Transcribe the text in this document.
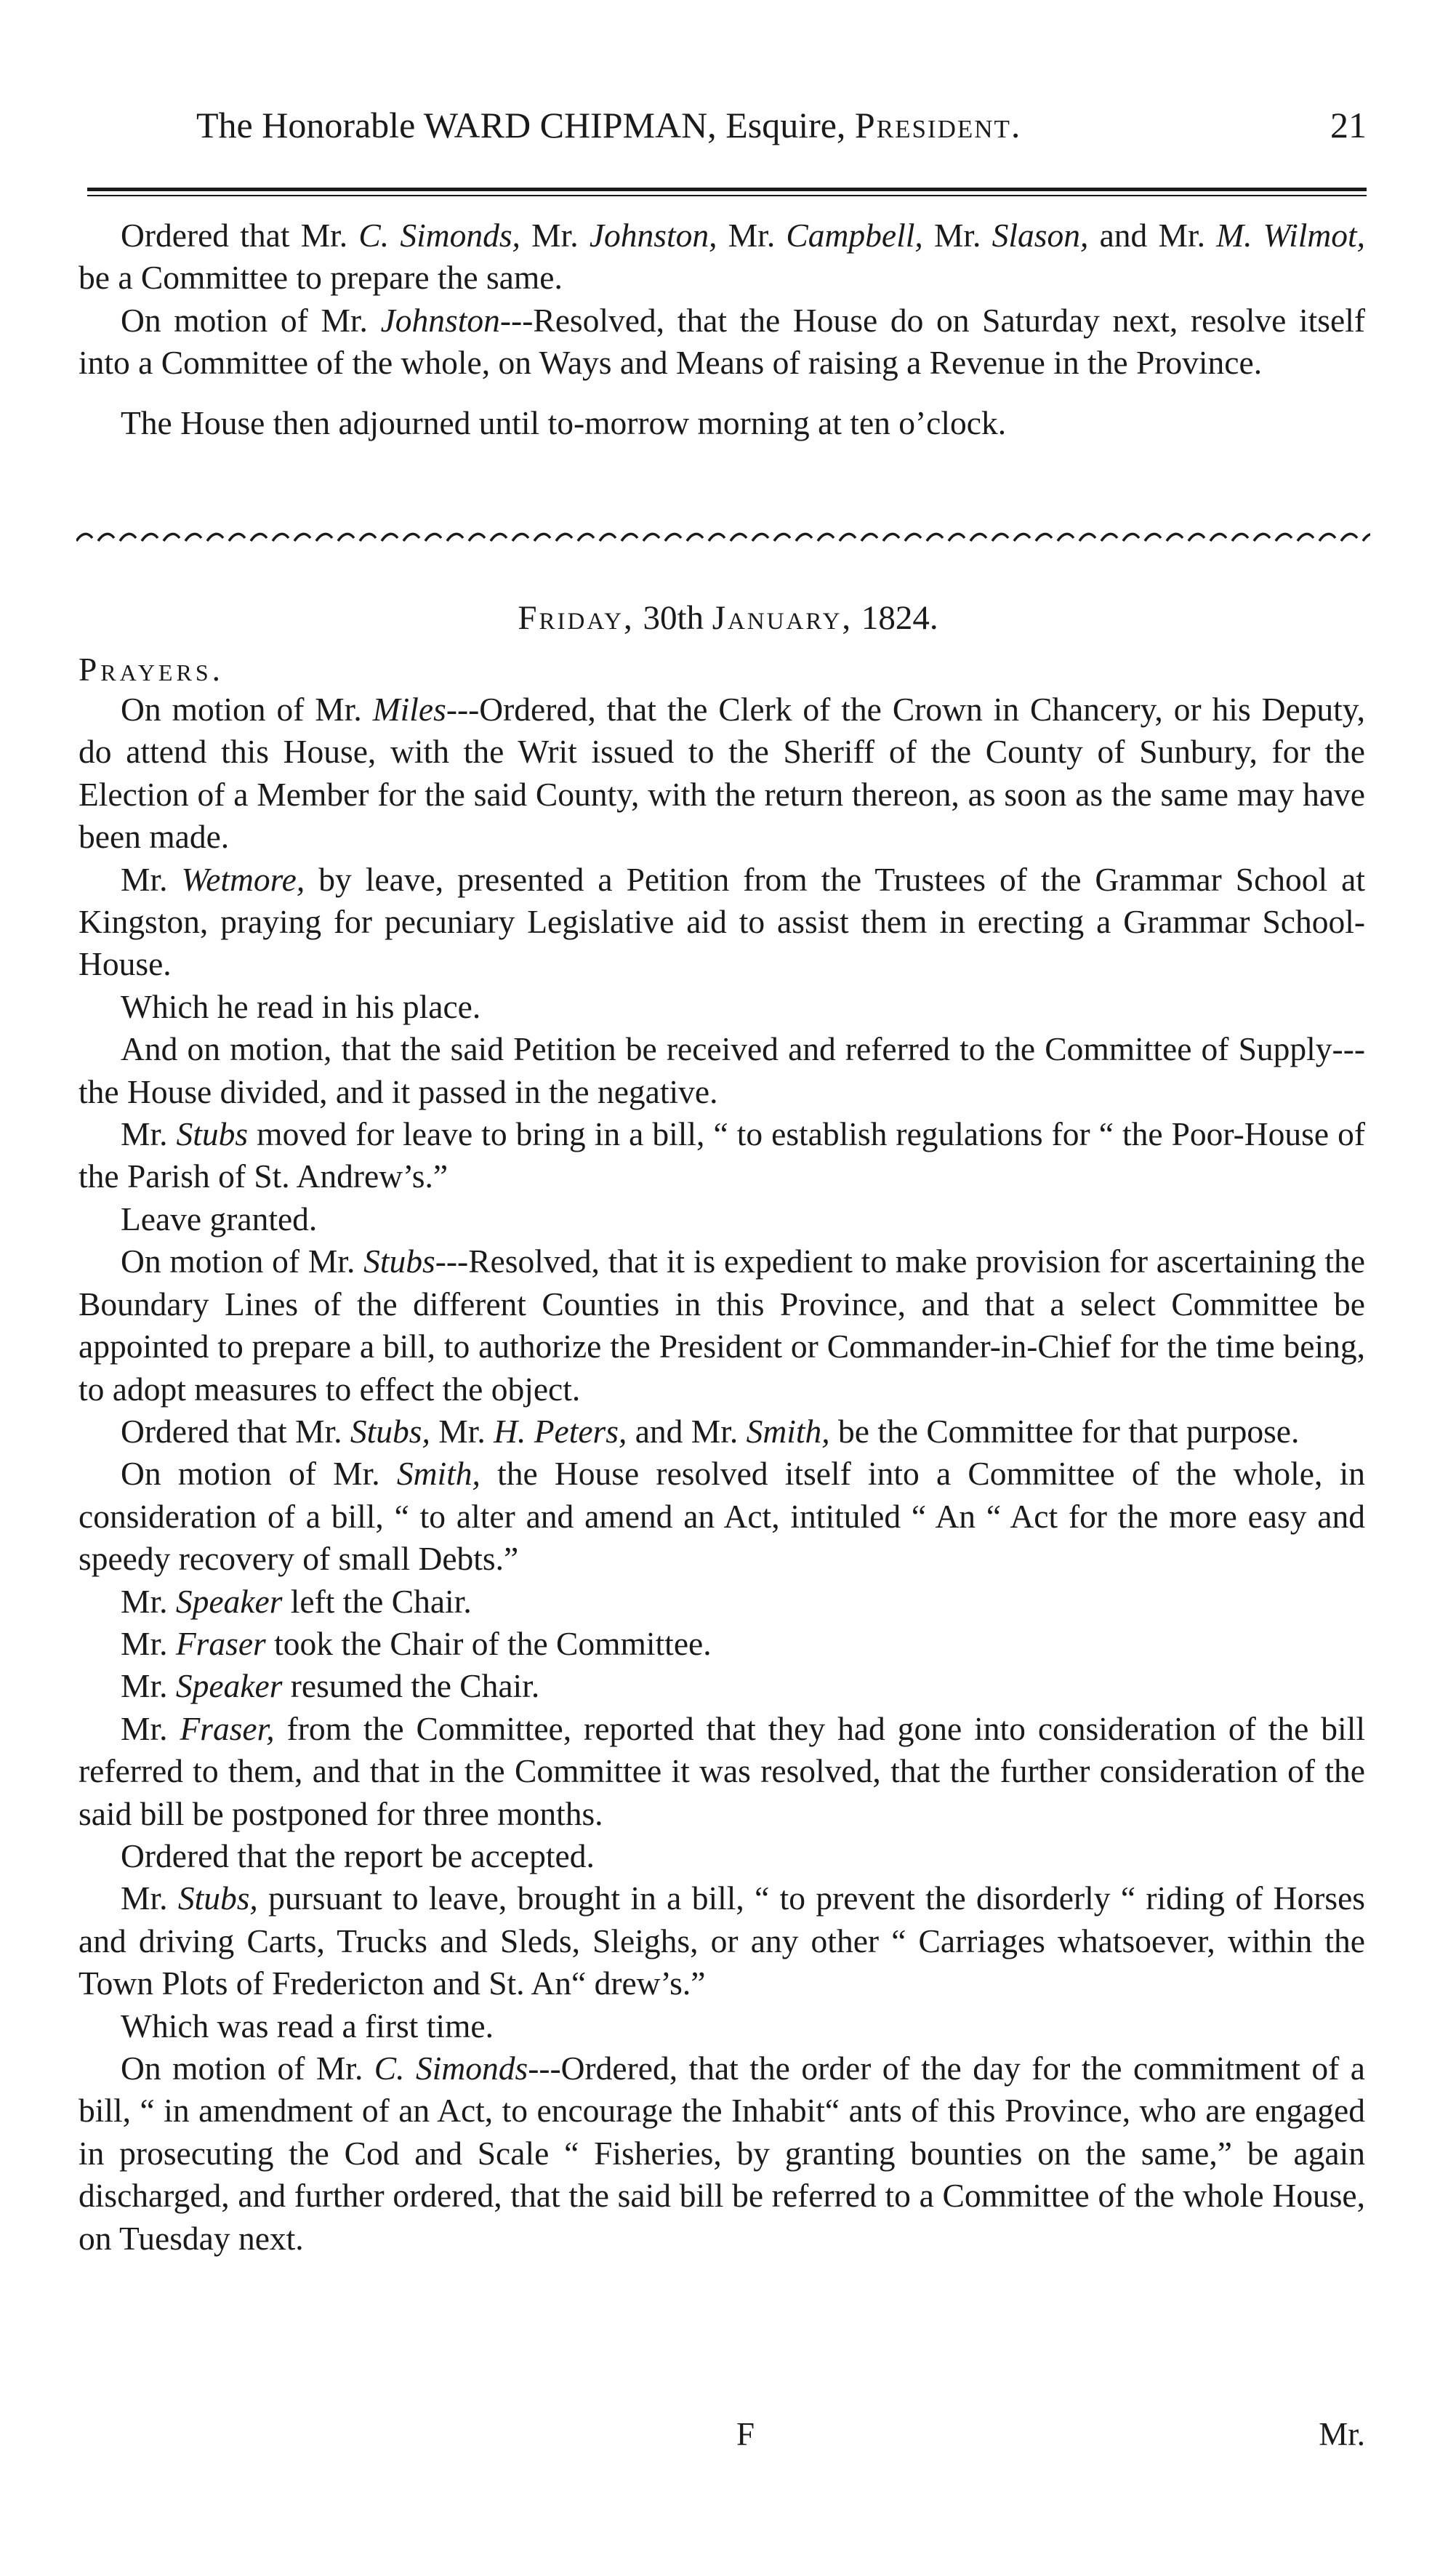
The Honorable WARD CHIPMAN, Esquire, President.	21

Ordered that Mr. C. Simonds, Mr. Johnston, Mr. Campbell, Mr. Slason, and Mr. M. Wilmot, be a Committee to prepare the same.

On motion of Mr. Johnston---Resolved, that the House do on Saturday next, resolve itself into a Committee of the whole, on Ways and Means of raising a Revenue in the Province.

The House then adjourned until to-morrow morning at ten o’clock.

Friday, 30th January, 1824.

Prayers.

On motion of Mr. Miles---Ordered, that the Clerk of the Crown in Chancery, or his Deputy, do attend this House, with the Writ issued to the Sheriff of the County of Sunbury, for the Election of a Member for the said County, with the return thereon, as soon as the same may have been made.

Mr. Wetmore, by leave, presented a Petition from the Trustees of the Grammar School at Kingston, praying for pecuniary Legislative aid to assist them in erecting a Grammar School-House.

Which he read in his place.

And on motion, that the said Petition be received and referred to the Committee of Supply---the House divided, and it passed in the negative.

Mr. Stubs moved for leave to bring in a bill, “ to establish regulations for “ the Poor-House of the Parish of St. Andrew’s.”

Leave granted.

On motion of Mr. Stubs---Resolved, that it is expedient to make provision for ascertaining the Boundary Lines of the different Counties in this Province, and that a select Committee be appointed to prepare a bill, to authorize the President or Commander-in-Chief for the time being, to adopt measures to effect the object.

Ordered that Mr. Stubs, Mr. H. Peters, and Mr. Smith, be the Committee for that purpose.

On motion of Mr. Smith, the House resolved itself into a Committee of the whole, in consideration of a bill, “ to alter and amend an Act, intituled “ An “ Act for the more easy and speedy recovery of small Debts.”

Mr. Speaker left the Chair.

Mr. Fraser took the Chair of the Committee.

Mr. Speaker resumed the Chair.

Mr. Fraser, from the Committee, reported that they had gone into consideration of the bill referred to them, and that in the Committee it was resolved, that the further consideration of the said bill be postponed for three months.

Ordered that the report be accepted.

Mr. Stubs, pursuant to leave, brought in a bill, “ to prevent the disorderly “ riding of Horses and driving Carts, Trucks and Sleds, Sleighs, or any other “ Carriages whatsoever, within the Town Plots of Fredericton and St. An“ drew’s.”

Which was read a first time.

On motion of Mr. C. Simonds---Ordered, that the order of the day for the commitment of a bill, “ in amendment of an Act, to encourage the Inhabit“ ants of this Province, who are engaged in prosecuting the Cod and Scale “ Fisheries, by granting bounties on the same,” be again discharged, and further ordered, that the said bill be referred to a Committee of the whole House, on Tuesday next.

F	Mr.
